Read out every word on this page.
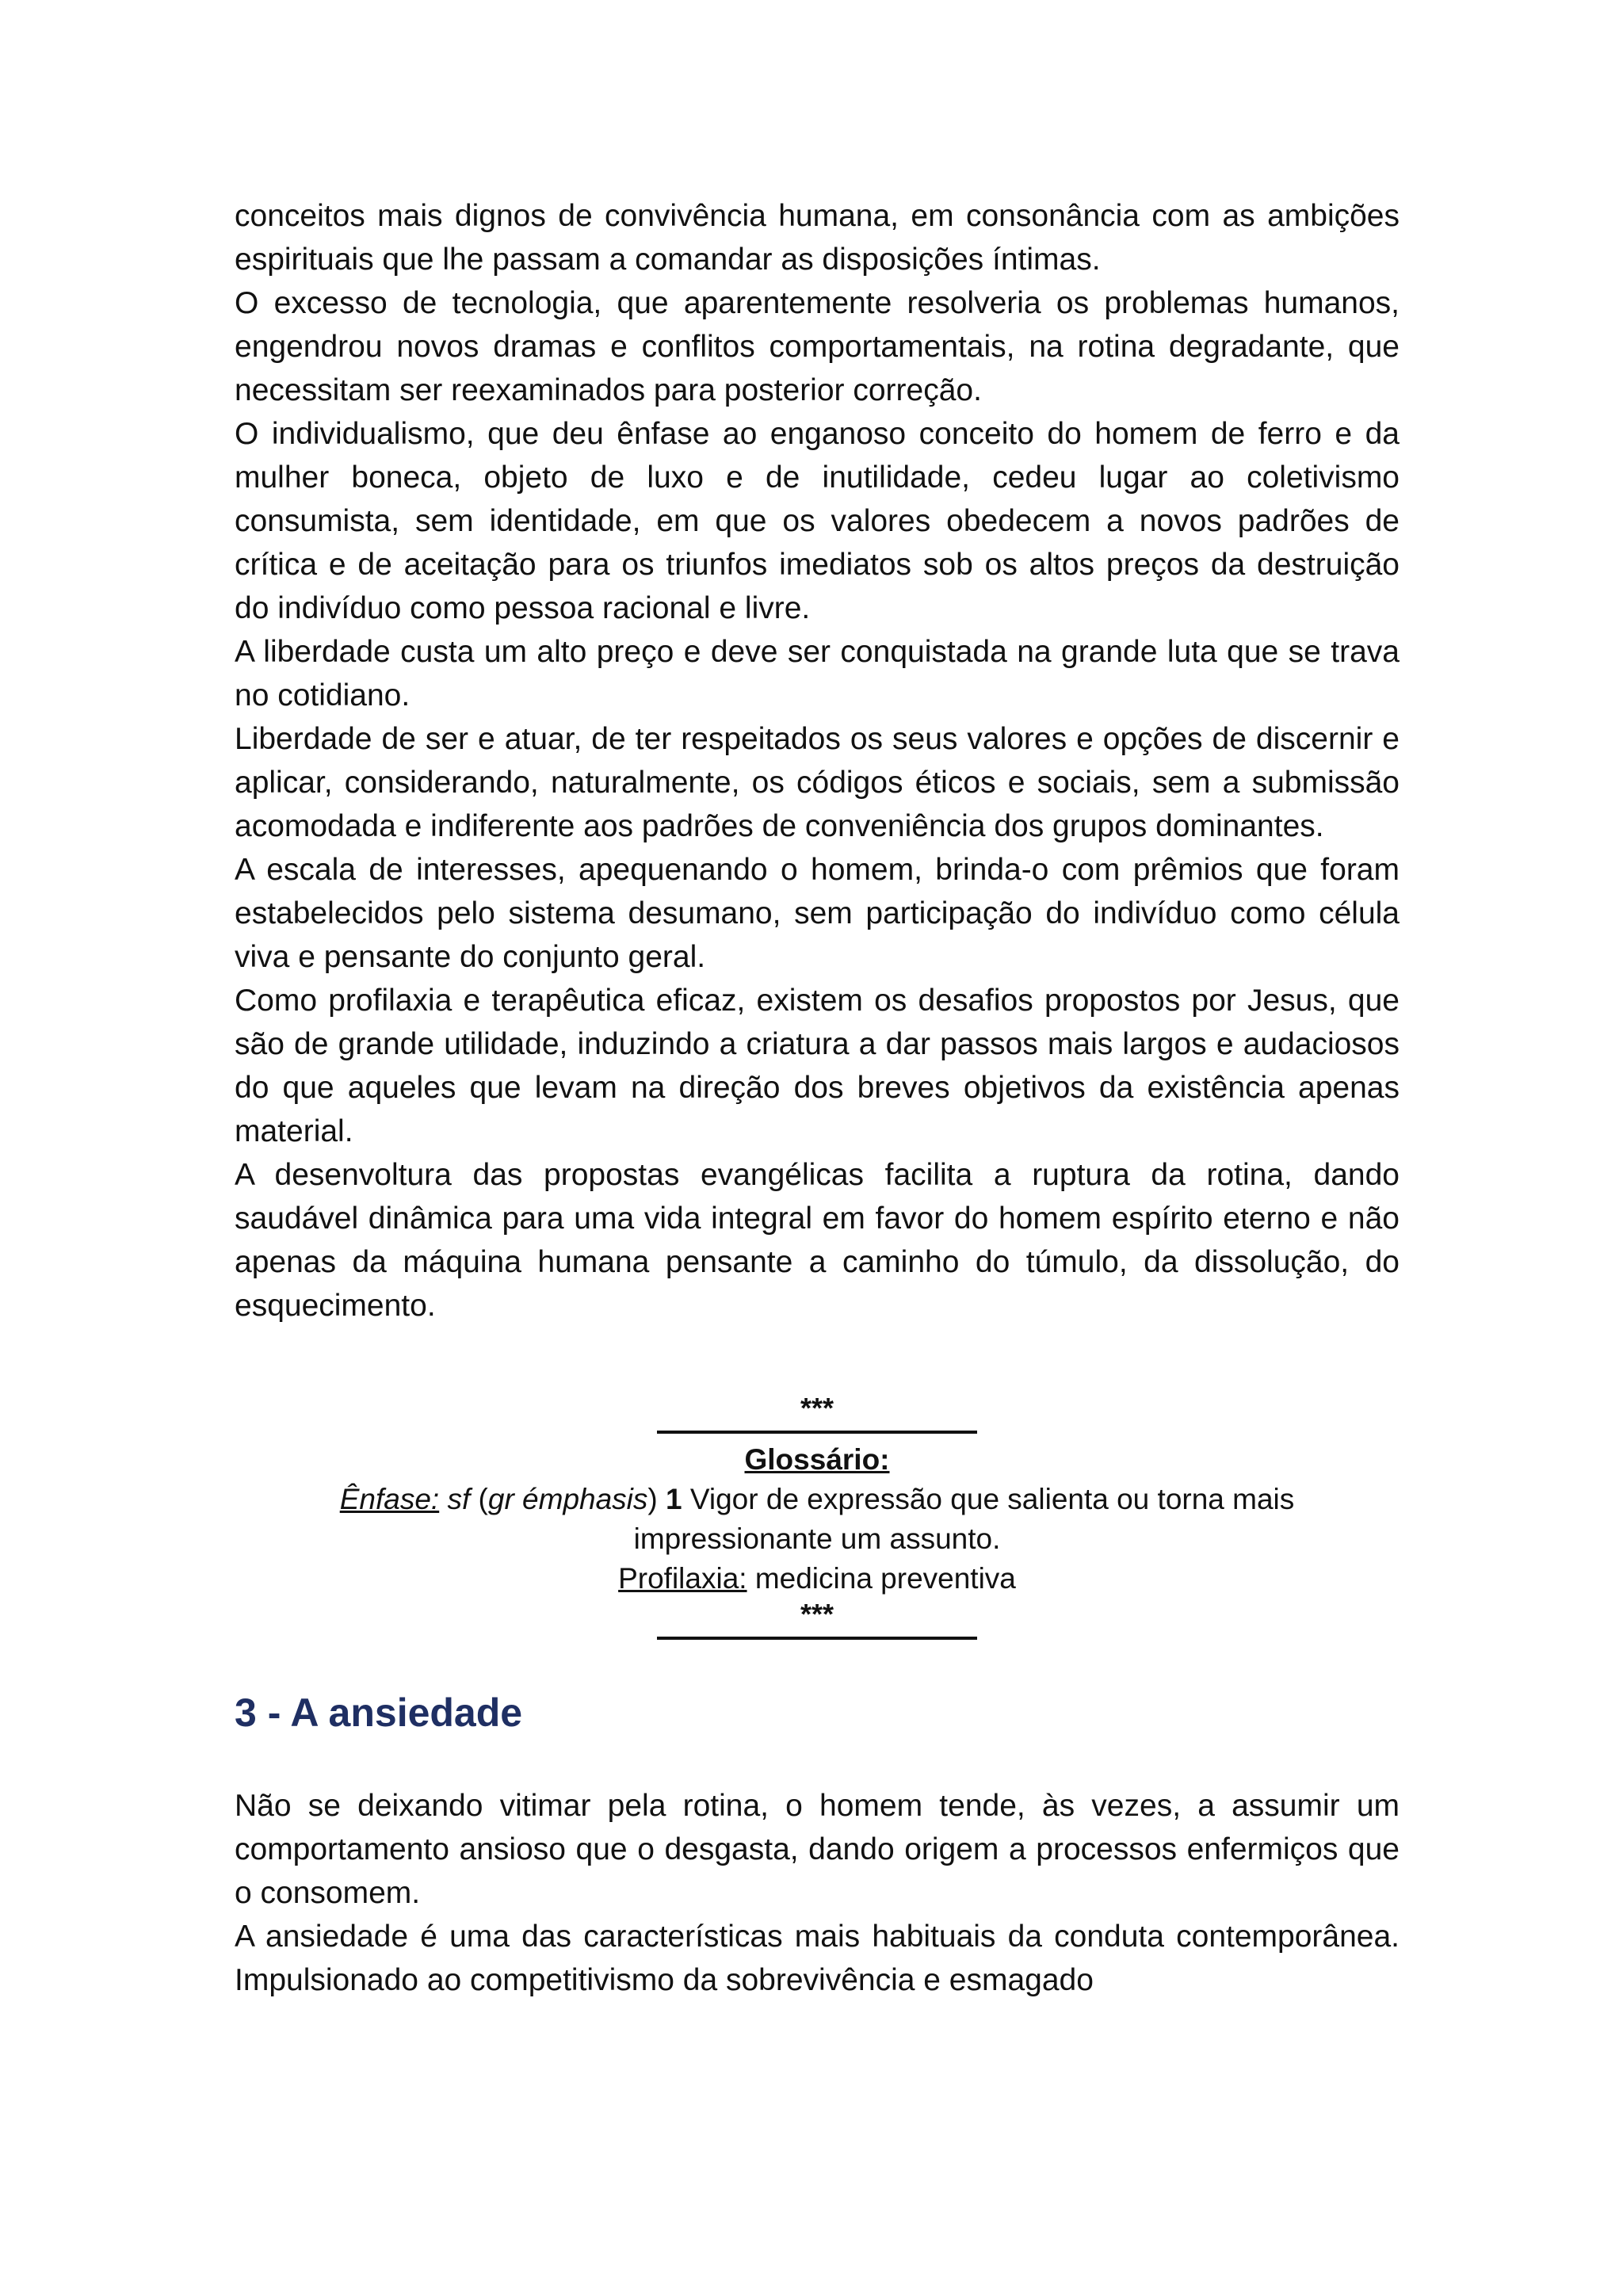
conceitos mais dignos de convivência humana, em consonância com as ambições espirituais que lhe passam a comandar as disposições íntimas.

O excesso de tecnologia, que aparentemente resolveria os problemas humanos, engendrou novos dramas e conflitos comportamentais, na rotina degradante, que necessitam ser reexaminados para posterior correção.

O individualismo, que deu ênfase ao enganoso conceito do homem de ferro e da mulher boneca, objeto de luxo e de inutilidade, cedeu lugar ao coletivismo consumista, sem identidade, em que os valores obedecem a novos padrões de crítica e de aceitação para os triunfos imediatos sob os altos preços da destruição do indivíduo como pessoa racional e livre.

A liberdade custa um alto preço e deve ser conquistada na grande luta que se trava no cotidiano.

Liberdade de ser e atuar, de ter respeitados os seus valores e opções de discernir e aplicar, considerando, naturalmente, os códigos éticos e sociais, sem a submissão acomodada e indiferente aos padrões de conveniência dos grupos dominantes.

A escala de interesses, apequenando o homem, brinda-o com prêmios que foram estabelecidos pelo sistema desumano, sem participação do indivíduo como célula viva e pensante do conjunto geral.

Como profilaxia e terapêutica eficaz, existem os desafios propostos por Jesus, que são de grande utilidade, induzindo a criatura a dar passos mais largos e audaciosos do que aqueles que levam na direção dos breves objetivos da existência apenas material.

A desenvoltura das propostas evangélicas facilita a ruptura da rotina, dando saudável dinâmica para uma vida integral em favor do homem espírito eterno e não apenas da máquina humana pensante a caminho do túmulo, da dissolução, do esquecimento.

***
Glossário:
Ênfase: sf (gr émphasis) 1 Vigor de expressão que salienta ou torna mais
impressionante um assunto.
Profilaxia: medicina preventiva
***
3 - A ansiedade

Não se deixando vitimar pela rotina, o homem tende, às vezes, a assumir um comportamento ansioso que o desgasta, dando origem a processos enfermiços que o consomem.

A ansiedade é uma das características mais habituais da conduta contemporânea. Impulsionado ao competitivismo da sobrevivência e esmagado
